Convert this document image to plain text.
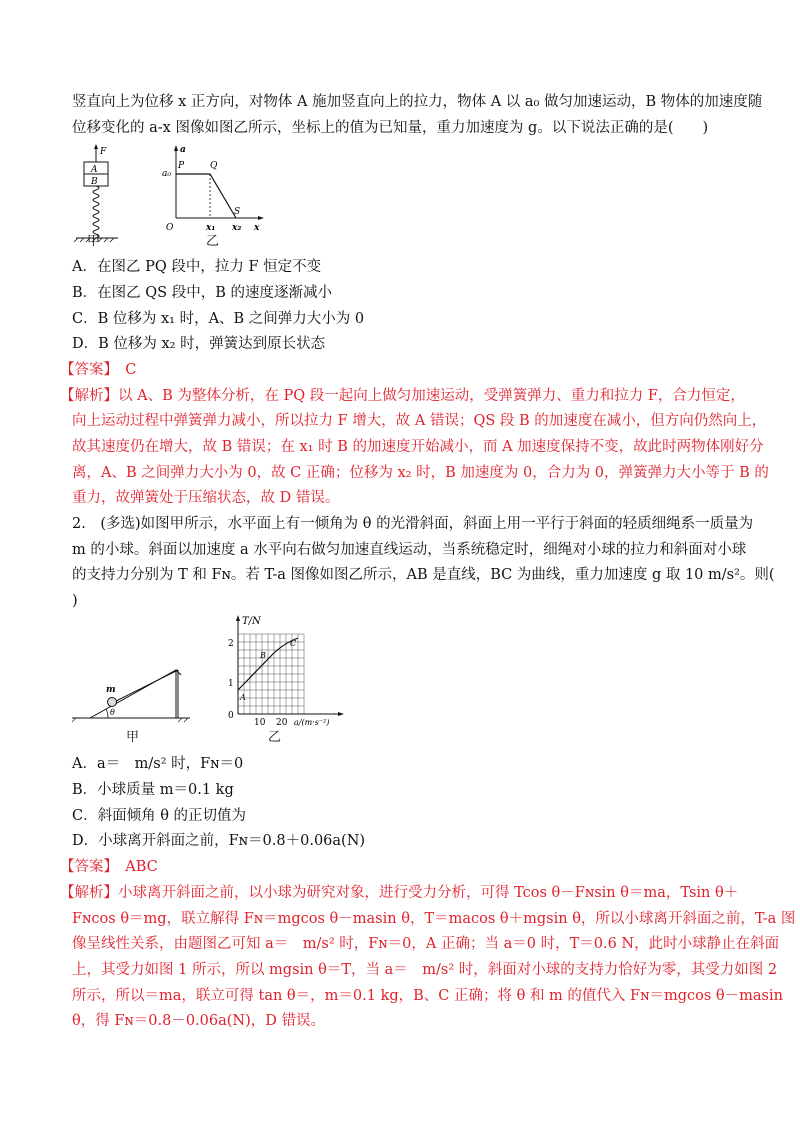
竖直向上为位移 x 正方向，对物体 A 施加竖直向上的拉力，物体 A 以 a₀ 做匀加速运动，B 物体的加速度随
位移变化的 a-x 图像如图乙所示，坐标上的值为已知量，重力加速度为 g。以下说法正确的是(　　)
F
A
B
甲
a
a₀
P	Q
S
O	x₁ x₂ x
乙
A．在图乙 PQ 段中，拉力 F 恒定不变
B．在图乙 QS 段中，B 的速度逐渐减小
C．B 位移为 x₁ 时，A、B 之间弹力大小为 0
D．B 位移为 x₂ 时，弹簧达到原长状态
【答案】　C
【解析】以 A、B 为整体分析，在 PQ 段一起向上做匀加速运动，受弹簧弹力、重力和拉力 F，合力恒定，
向上运动过程中弹簧弹力减小，所以拉力 F 增大，故 A 错误；QS 段 B 的加速度在减小，但方向仍然向上，
故其速度仍在增大，故 B 错误；在 x₁ 时 B 的加速度开始减小，而 A 加速度保持不变，故此时两物体刚好分
离，A、B 之间弹力大小为 0，故 C 正确；位移为 x₂ 时，B 加速度为 0，合力为 0，弹簧弹力大小等于 B 的
重力，故弹簧处于压缩状态，故 D 错误。
2.　(多选)如图甲所示，水平面上有一倾角为 θ 的光滑斜面，斜面上用一平行于斜面的轻质细绳系一质量为
m 的小球。斜面以加速度 a 水平向右做匀加速直线运动，当系统稳定时，细绳对小球的拉力和斜面对小球
的支持力分别为 T 和 Fɴ。若 T-a 图像如图乙所示，AB 是直线，BC 为曲线，重力加速度 g 取 10 m/s²。则(
)
m
θ
甲
T/N
2
1
0
A
B
C
10 20 a/(m·s⁻²)
乙
A．a＝　m/s² 时，Fɴ＝0
B．小球质量 m＝0.1 kg
C．斜面倾角 θ 的正切值为
D．小球离开斜面之前，Fɴ＝0.8＋0.06a(N)
【答案】　ABC
【解析】小球离开斜面之前，以小球为研究对象，进行受力分析，可得 Tcos θ－Fɴsin θ＝ma，Tsin θ＋
Fɴcos θ＝mg，联立解得 Fɴ＝mgcos θ－masin θ，T＝macos θ＋mgsin θ，所以小球离开斜面之前，T-a 图
像呈线性关系，由题图乙可知 a＝　m/s² 时，Fɴ＝0，A 正确；当 a＝0 时，T＝0.6 N，此时小球静止在斜面
上，其受力如图 1 所示，所以 mgsin θ＝T，当 a＝　m/s² 时，斜面对小球的支持力恰好为零，其受力如图 2
所示，所以＝ma，联立可得 tan θ＝，m＝0.1 kg，B、C 正确；将 θ 和 m 的值代入 Fɴ＝mgcos θ－masin
θ，得 Fɴ＝0.8－0.06a(N)，D 错误。
